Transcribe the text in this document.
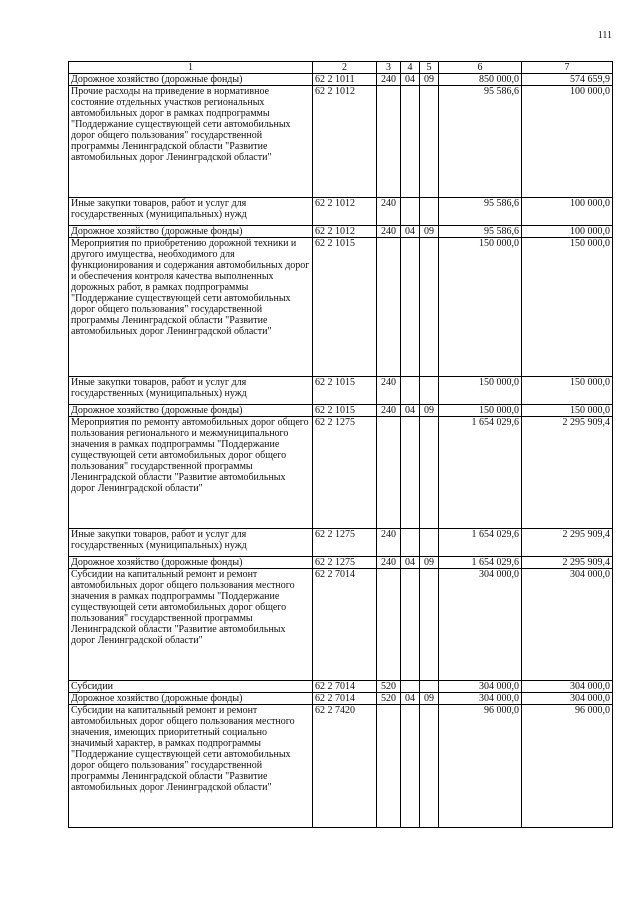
111
1	2	3	4	5	6	7
Дорожное хозяйство (дорожные фонды)	62 2 1011	240	04	09	850 000,0	574 659,9
Прочие расходы на приведение в нормативное состояние отдельных участков региональных автомобильных дорог в рамках подпрограммы "Поддержание существующей сети автомобильных дорог общего пользования" государственной программы Ленинградской области "Развитие автомобильных дорог Ленинградской области"	62 2 1012				95 586,6	100 000,0
Иные закупки товаров, работ и услуг для государственных (муниципальных) нужд	62 2 1012	240			95 586,6	100 000,0
Дорожное хозяйство (дорожные фонды)	62 2 1012	240	04	09	95 586,6	100 000,0
Мероприятия по приобретению дорожной техники и другого имущества, необходимого для функционирования и содержания автомобильных дорог и обеспечения контроля качества выполненных дорожных работ, в рамках подпрограммы "Поддержание существующей сети автомобильных дорог общего пользования" государственной программы Ленинградской области "Развитие автомобильных дорог Ленинградской области"	62 2 1015				150 000,0	150 000,0
Иные закупки товаров, работ и услуг для государственных (муниципальных) нужд	62 2 1015	240			150 000,0	150 000,0
Дорожное хозяйство (дорожные фонды)	62 2 1015	240	04	09	150 000,0	150 000,0
Мероприятия по ремонту автомобильных дорог общего пользования регионального и межмуниципального значения в рамках подпрограммы "Поддержание существующей сети автомобильных дорог общего пользования" государственной программы Ленинградской области "Развитие автомобильных дорог Ленинградской области"	62 2 1275				1 654 029,6	2 295 909,4
Иные закупки товаров, работ и услуг для государственных (муниципальных) нужд	62 2 1275	240			1 654 029,6	2 295 909,4
Дорожное хозяйство (дорожные фонды)	62 2 1275	240	04	09	1 654 029,6	2 295 909,4
Субсидии на капитальный ремонт и ремонт автомобильных дорог общего пользования местного значения в рамках подпрограммы "Поддержание существующей сети автомобильных дорог общего пользования" государственной программы Ленинградской области "Развитие автомобильных дорог Ленинградской области"	62 2 7014				304 000,0	304 000,0
Субсидии	62 2 7014	520			304 000,0	304 000,0
Дорожное хозяйство (дорожные фонды)	62 2 7014	520	04	09	304 000,0	304 000,0
Субсидии на капитальный ремонт и ремонт автомобильных дорог общего пользования местного значения, имеющих приоритетный социально значимый характер, в рамках подпрограммы "Поддержание существующей сети автомобильных дорог общего пользования" государственной программы Ленинградской области "Развитие автомобильных дорог Ленинградской области"	62 2 7420				96 000,0	96 000,0
